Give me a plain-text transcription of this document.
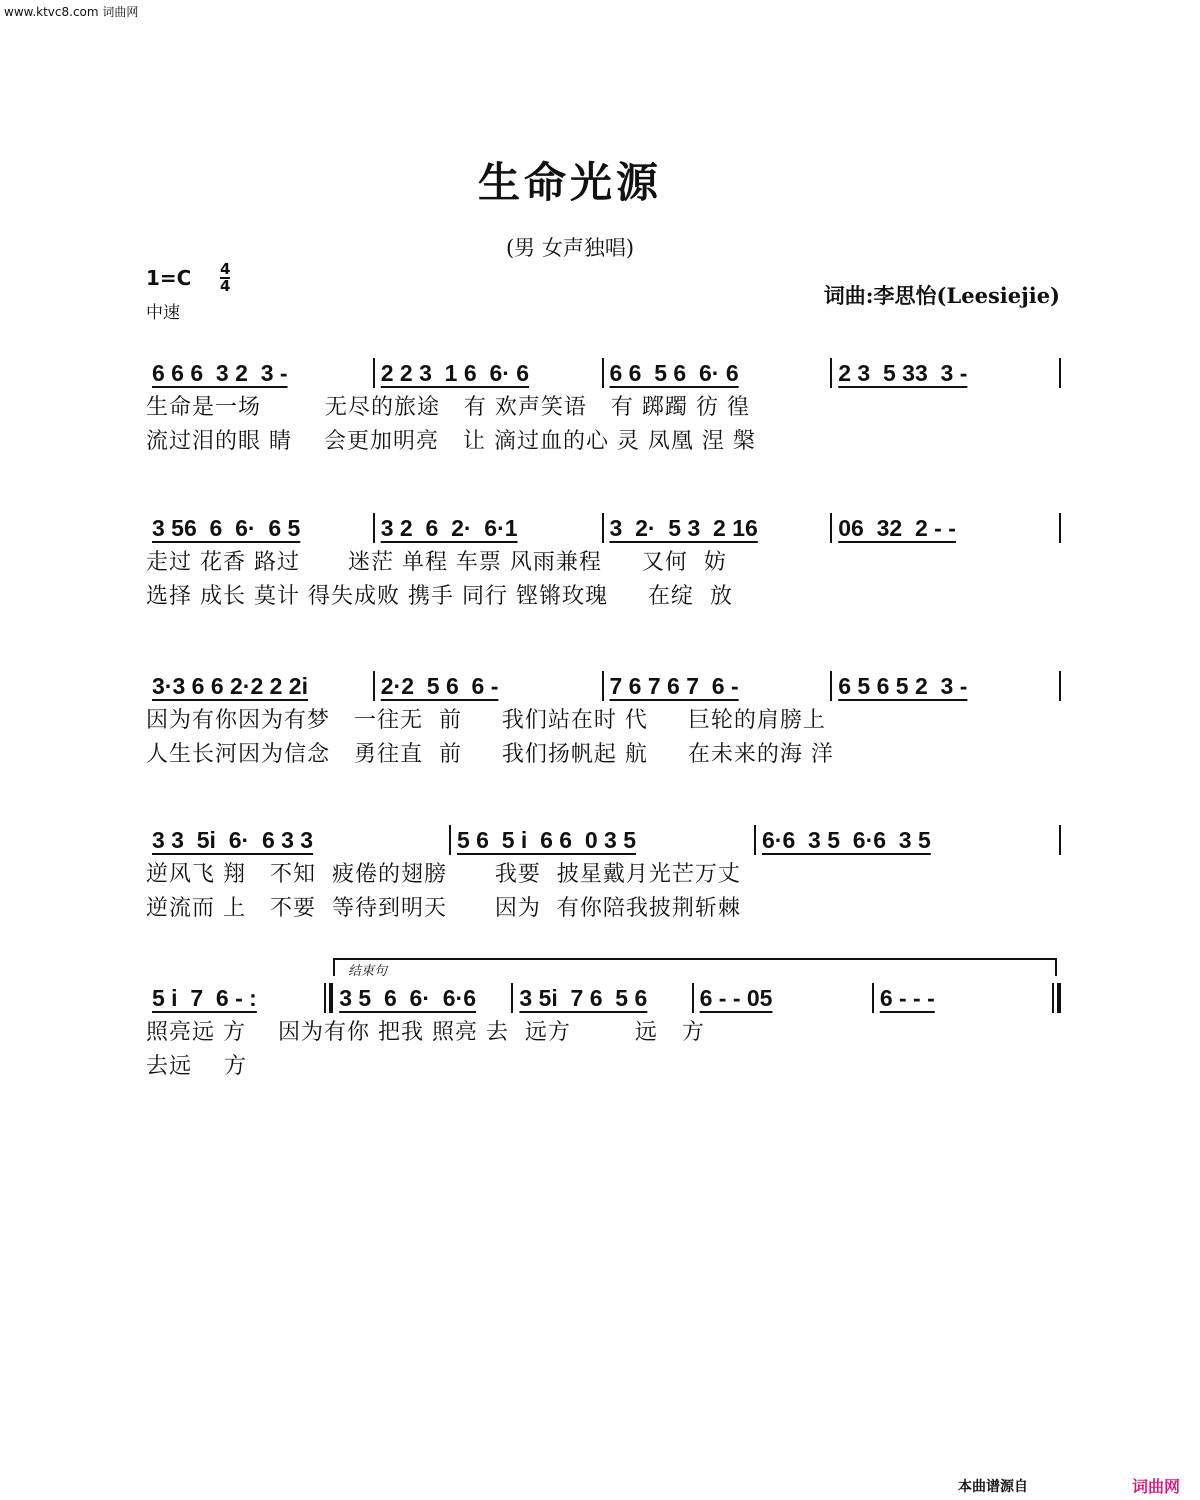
www.ktvc8.com 词曲网
生命光源
(男 女声独唱)
1=C 4
4
中速
词曲:李思怡(Leesiejie)
结束句
6 6 6  3 2  3 -	2 2 3  1 6  6· 6	6 6  5 6  6· 6	2 3  5 33  3 -
生命是一场        无尽的旅途   有 欢声笑语   有 踯躅 彷 徨
流过泪的眼 睛    会更加明亮   让 滴过血的心 灵 凤凰 涅 槃
3 56  6  6·  6 5	3 2  6  2·  6·1	3  2·  5 3  2 16	06  32  2 - -
走过 花香 路过      迷茫 单程 车票 风雨兼程     又何  妨
选择 成长 莫计 得失成败 携手 同行 铿锵玫瑰     在绽  放
3·3 6 6 2·2 2 2i	2·2  5 6  6 -	7 6 7 6 7  6 -	6 5 6 5 2  3 -
因为有你因为有梦   一往无  前     我们站在时 代     巨轮的肩膀上
人生长河因为信念   勇往直  前     我们扬帆起 航     在未来的海 洋
3 3  5i  6·  6 3 3	5 6  5 i  6 6  0 3 5	6·6  3 5  6·6  3 5
逆风飞 翔   不知  疲倦的翅膀      我要  披星戴月光芒万丈
逆流而 上   不要  等待到明天      因为  有你陪我披荆斩棘
5 i  7  6 - :	3 5  6  6·  6·6	3 5i  7 6  5 6	6 - - 05	6 - - -
照亮远 方    因为有你 把我 照亮 去  远方        远   方
去远    方
本曲谱源自	词曲网
